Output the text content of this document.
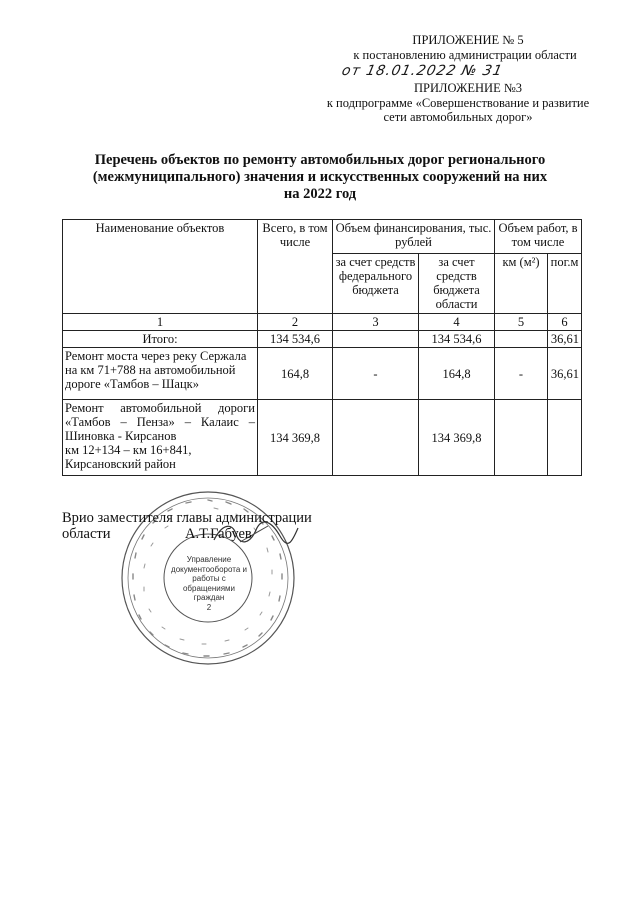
ПРИЛОЖЕНИЕ № 5
к постановлению администрации области
от 18.01.2022 № 31
ПРИЛОЖЕНИЕ №3
к подпрограмме «Совершенствование и развитие
сети автомобильных дорог»
Перечень объектов по ремонту автомобильных дорог регионального
(межмуниципального) значения и искусственных сооружений на них
на 2022 год
Наименование объектов	Всего, в том числе	Объем финансирования, тыс. рублей		Объем работ, в том числе	
		за счет средств федерального бюджета	за счет средств бюджета области	км (м²)	пог.м
1	2	3	4	5	6
Итого:	134 534,6		134 534,6		36,61
Ремонт моста через реку Сержала на км 71+788 на автомобильной дороге «Тамбов – Шацк»	164,8	-	164,8	-	36,61

Ремонт автомобильной дороги «Тамбов – Пенза» – Калаис – Шиновка - Кирсанов
км 12+134 – км 16+841,
Кирсановский район	134 369,8		134 369,8		
Управление документооборота и работы с обращениями граждан
2
Врио заместителя главы администрации
области	А.Т.Габуев
